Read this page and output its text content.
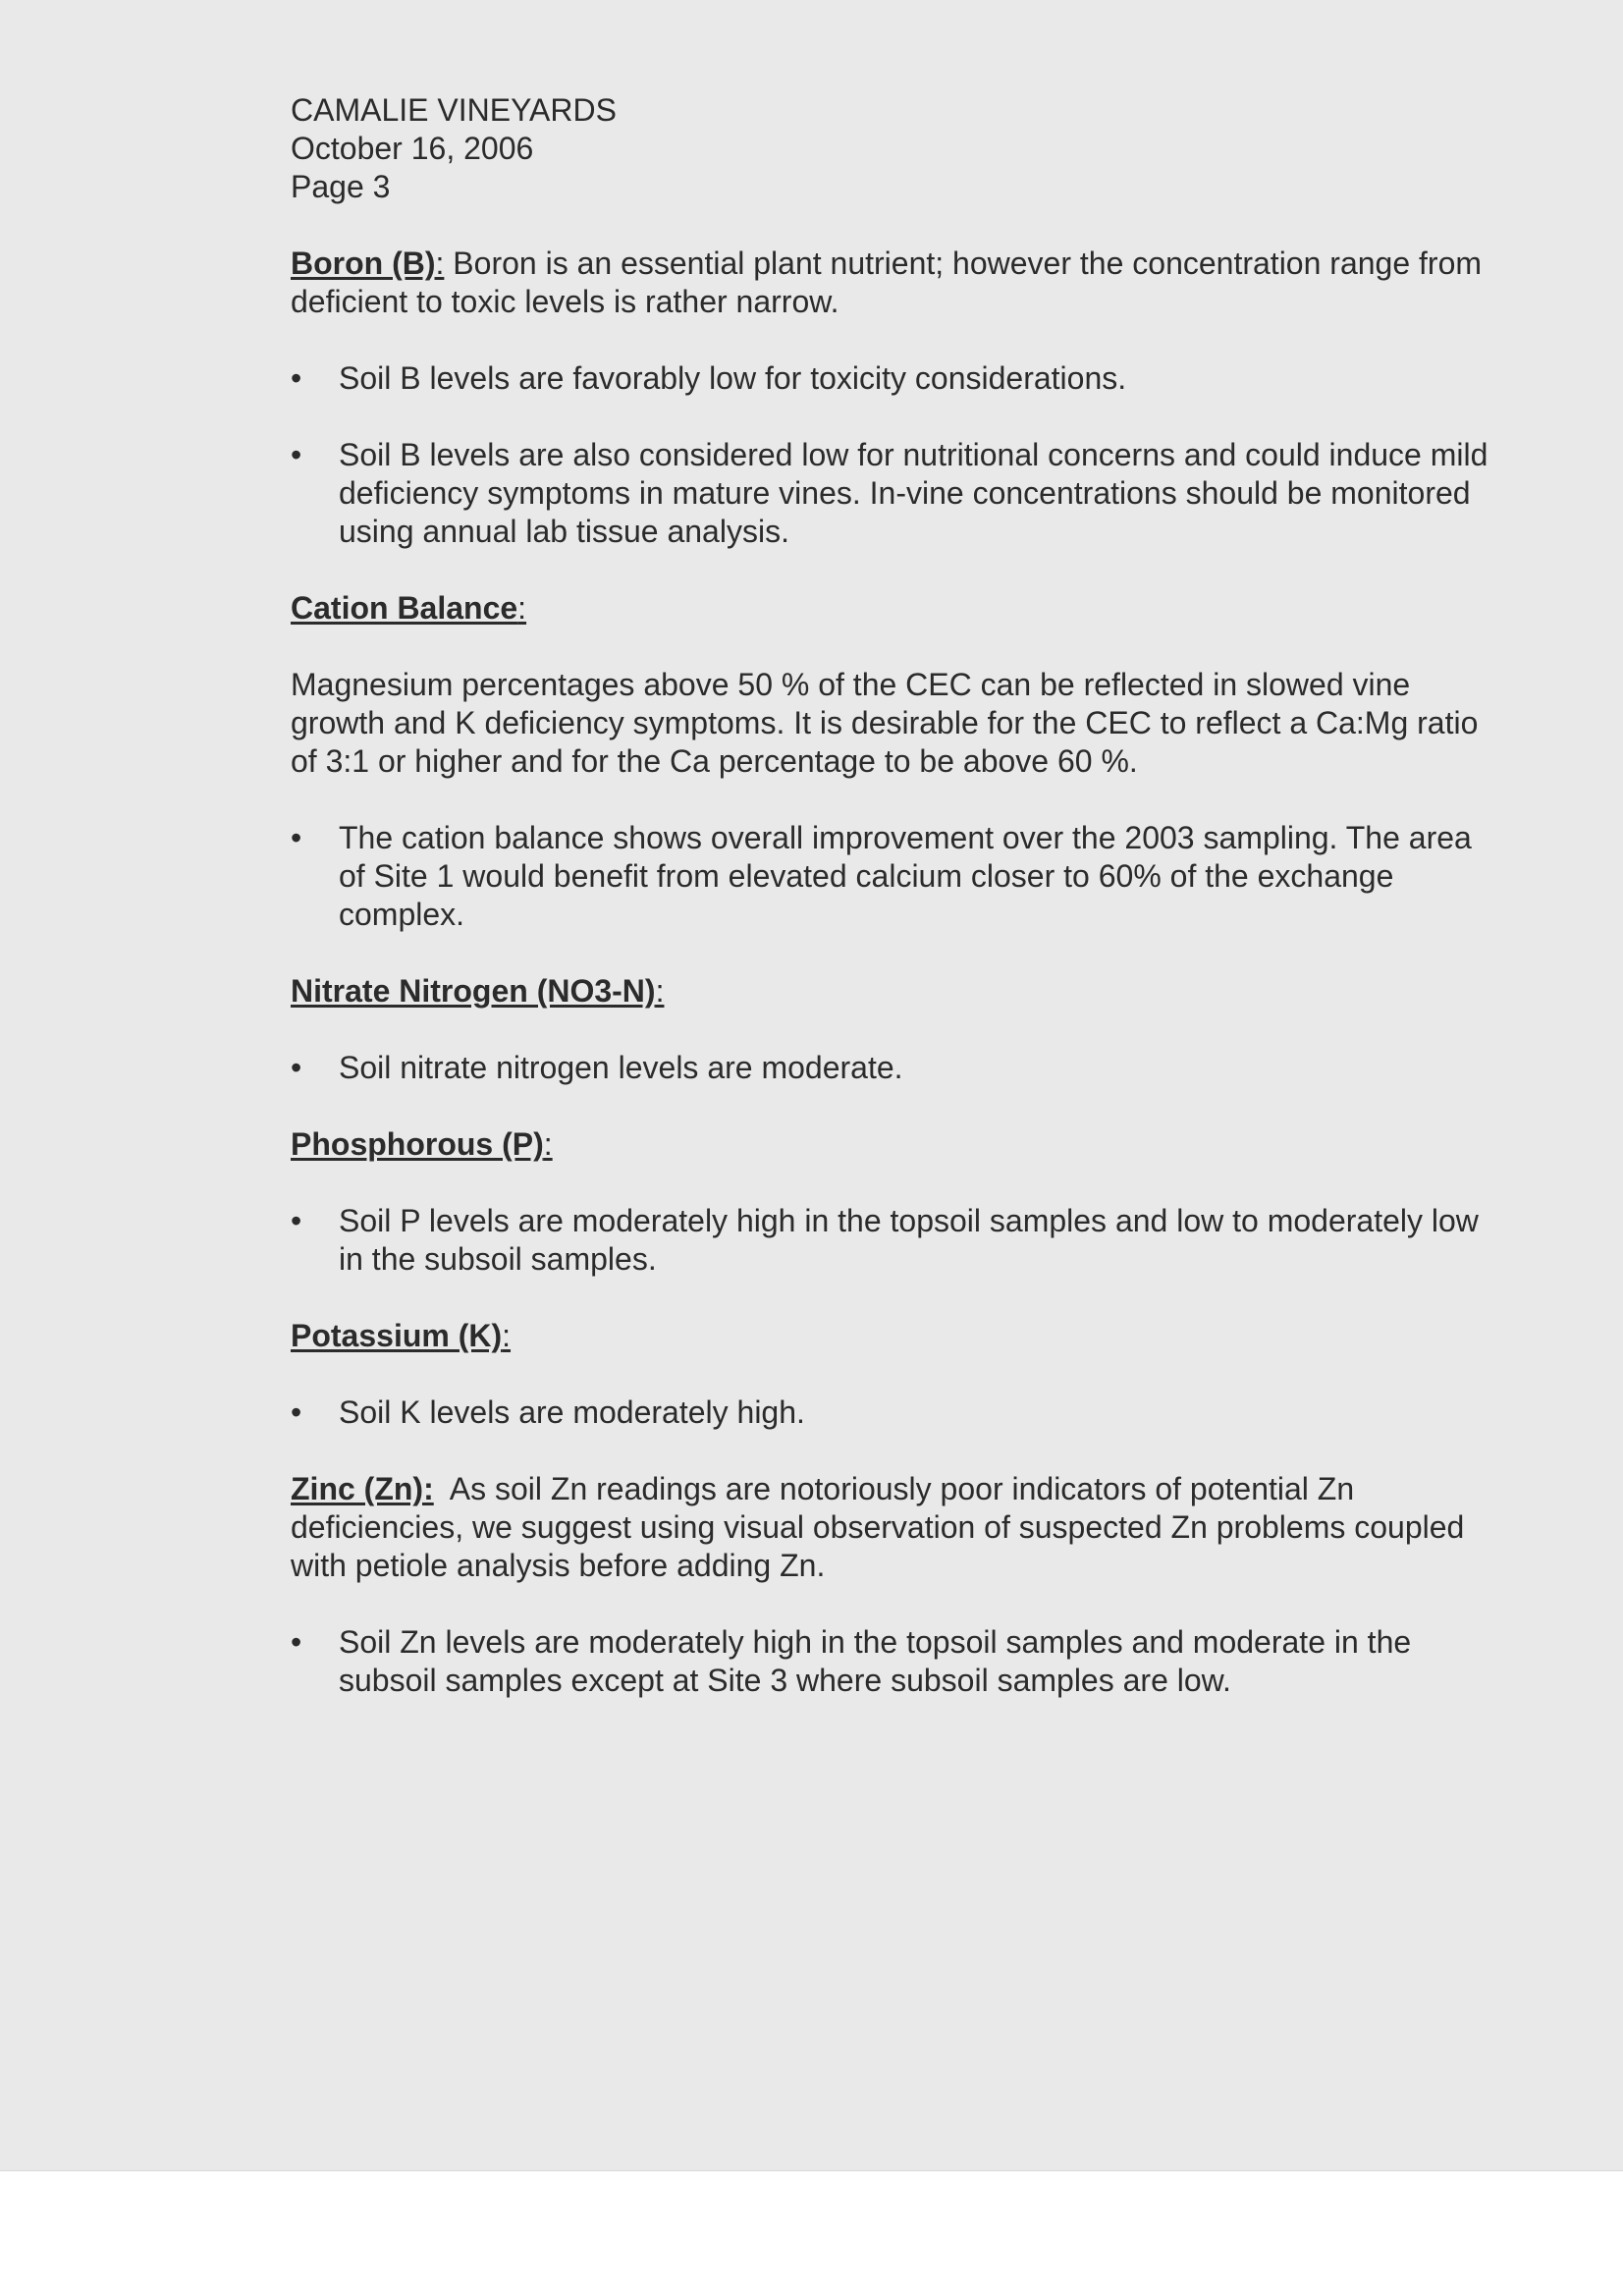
CAMALIE VINEYARDS
October 16, 2006
Page 3

Boron (B): Boron is an essential plant nutrient; however the concentration range from deficient to toxic levels is rather narrow.

• Soil B levels are favorably low for toxicity considerations.
• Soil B levels are also considered low for nutritional concerns and could induce mild deficiency symptoms in mature vines. In-vine concentrations should be monitored using annual lab tissue analysis.
Cation Balance:

Magnesium percentages above 50 % of the CEC can be reflected in slowed vine growth and K deficiency symptoms. It is desirable for the CEC to reflect a Ca:Mg ratio of 3:1 or higher and for the Ca percentage to be above 60 %.

• The cation balance shows overall improvement over the 2003 sampling. The area of Site 1 would benefit from elevated calcium closer to 60% of the exchange complex.
Nitrate Nitrogen (NO3-N):
• Soil nitrate nitrogen levels are moderate.
Phosphorous (P):
• Soil P levels are moderately high in the topsoil samples and low to moderately low in the subsoil samples.
Potassium (K):
• Soil K levels are moderately high.

Zinc (Zn):  As soil Zn readings are notoriously poor indicators of potential Zn deficiencies, we suggest using visual observation of suspected Zn problems coupled with petiole analysis before adding Zn.

• Soil Zn levels are moderately high in the topsoil samples and moderate in the subsoil samples except at Site 3 where subsoil samples are low.
